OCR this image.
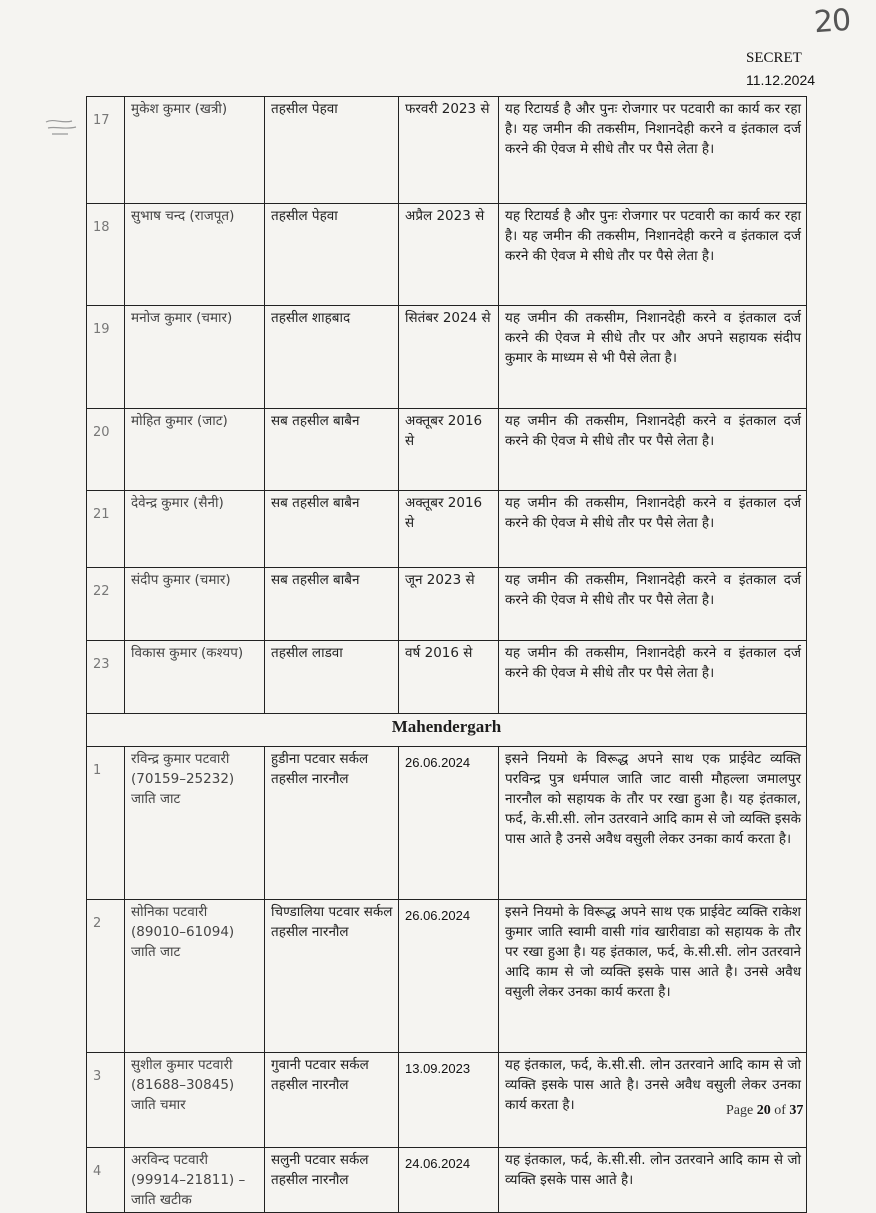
20
SECRET
11.12.2024
17	मुकेश कुमार (खत्री)	तहसील पेहवा	फरवरी 2023 से	यह रिटायर्ड है और पुनः रोजगार पर पटवारी का कार्य कर रहा है। यह जमीन की तकसीम, निशानदेही करने व इंतकाल दर्ज करने की ऐवज मे सीधे तौर पर पैसे लेता है।
18	सुभाष चन्द (राजपूत)	तहसील पेहवा	अप्रैल 2023 से	यह रिटायर्ड है और पुनः रोजगार पर पटवारी का कार्य कर रहा है। यह जमीन की तकसीम, निशानदेही करने व इंतकाल दर्ज करने की ऐवज मे सीधे तौर पर पैसे लेता है।
19	मनोज कुमार (चमार)	तहसील शाहबाद	सितंबर 2024 से	यह जमीन की तकसीम, निशानदेही करने व इंतकाल दर्ज करने की ऐवज मे सीधे तौर पर और अपने सहायक संदीप कुमार के माध्यम से भी पैसे लेता है।
20	मोहित कुमार (जाट)	सब तहसील बाबैन	अक्तूबर 2016 से	यह जमीन की तकसीम, निशानदेही करने व इंतकाल दर्ज करने की ऐवज मे सीधे तौर पर पैसे लेता है।
21	देवेन्द्र कुमार (सैनी)	सब तहसील बाबैन	अक्तूबर 2016 से	यह जमीन की तकसीम, निशानदेही करने व इंतकाल दर्ज करने की ऐवज मे सीधे तौर पर पैसे लेता है।
22	संदीप कुमार (चमार)	सब तहसील बाबैन	जून 2023 से	यह जमीन की तकसीम, निशानदेही करने व इंतकाल दर्ज करने की ऐवज मे सीधे तौर पर पैसे लेता है।
23	विकास कुमार (कश्यप)	तहसील लाडवा	वर्ष 2016 से	यह जमीन की तकसीम, निशानदेही करने व इंतकाल दर्ज करने की ऐवज मे सीधे तौर पर पैसे लेता है।
Mahendergarh				
1	रविन्द्र कुमार पटवारी (70159–25232) जाति जाट	हुडीना पटवार सर्कल तहसील नारनौल	26.06.2024	इसने नियमो के विरूद्ध अपने साथ एक प्राईवेट व्यक्ति परविन्द्र पुत्र धर्मपाल जाति जाट वासी मौहल्ला जमालपुर नारनौल को सहायक के तौर पर रखा हुआ है। यह इंतकाल, फर्द, के.सी.सी. लोन उतरवाने आदि काम से जो व्यक्ति इसके पास आते है उनसे अवैध वसुली लेकर उनका कार्य करता है।
2	सोनिका पटवारी (89010–61094) जाति जाट	चिण्डालिया पटवार सर्कल तहसील नारनौल	26.06.2024	इसने नियमो के विरूद्ध अपने साथ एक प्राईवेट व्यक्ति राकेश कुमार जाति स्वामी वासी गांव खारीवाडा को सहायक के तौर पर रखा हुआ है। यह इंतकाल, फर्द, के.सी.सी. लोन उतरवाने आदि काम से जो व्यक्ति इसके पास आते है। उनसे अवैध वसुली लेकर उनका कार्य करता है।
3	सुशील कुमार पटवारी (81688–30845) जाति चमार	गुवानी पटवार सर्कल तहसील नारनौल	13.09.2023	यह इंतकाल, फर्द, के.सी.सी. लोन उतरवाने आदि काम से जो व्यक्ति इसके पास आते है। उनसे अवैध वसुली लेकर उनका कार्य करता है।
4	अरविन्द पटवारी (99914–21811) – जाति खटीक	सलुनी पटवार सर्कल तहसील नारनौल	24.06.2024	यह इंतकाल, फर्द, के.सी.सी. लोन उतरवाने आदि काम से जो व्यक्ति इसके पास आते है।
Page 20 of 37
